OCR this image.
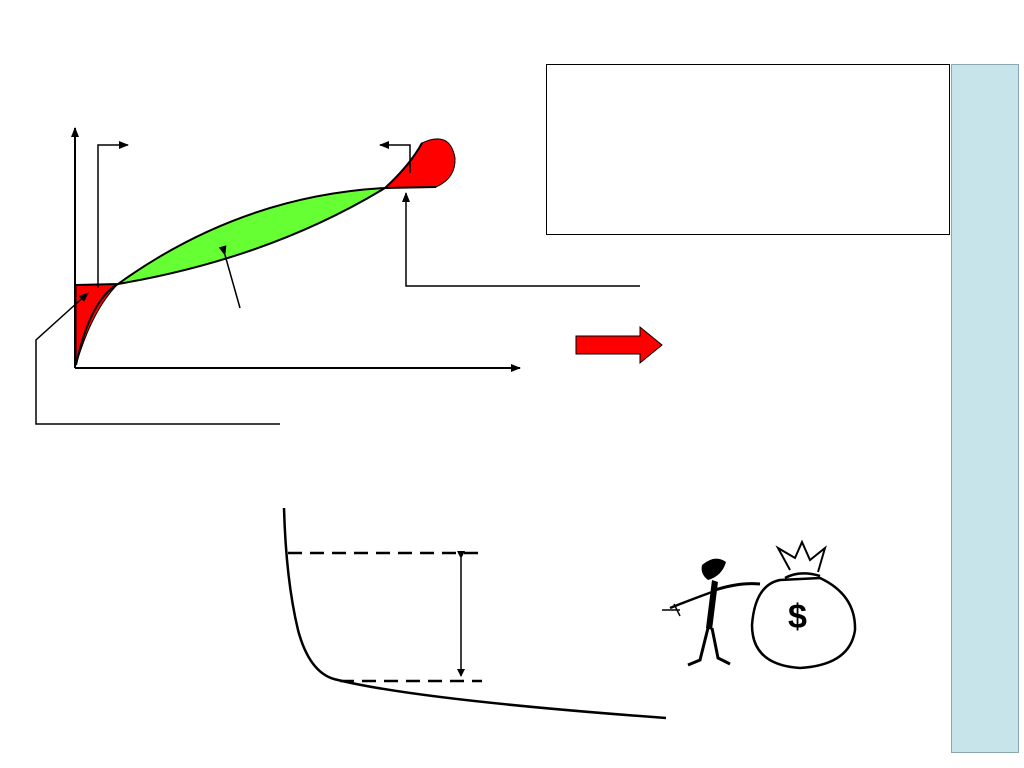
$
